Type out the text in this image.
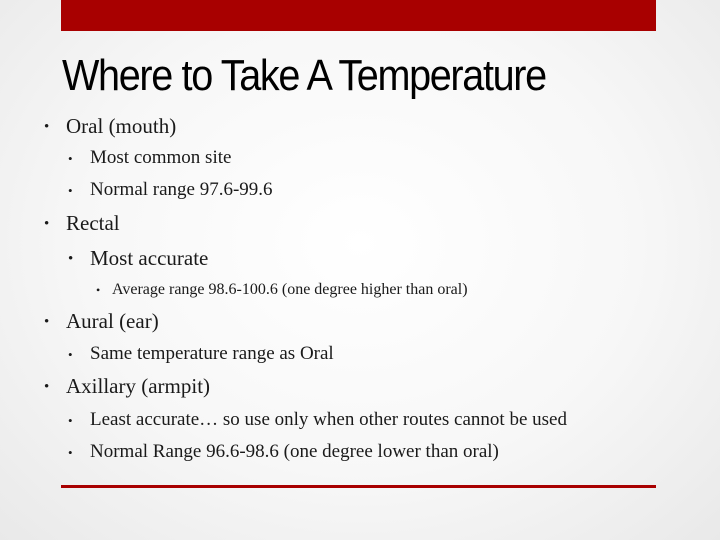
Where to Take A Temperature
• Oral (mouth)
• Most common site
• Normal range 97.6-99.6
• Rectal
• Most accurate
• Average range 98.6-100.6 (one degree higher than oral)
• Aural (ear)
• Same temperature range as Oral
• Axillary (armpit)
• Least accurate… so use only when other routes cannot be used
• Normal Range 96.6-98.6 (one degree lower than oral)
